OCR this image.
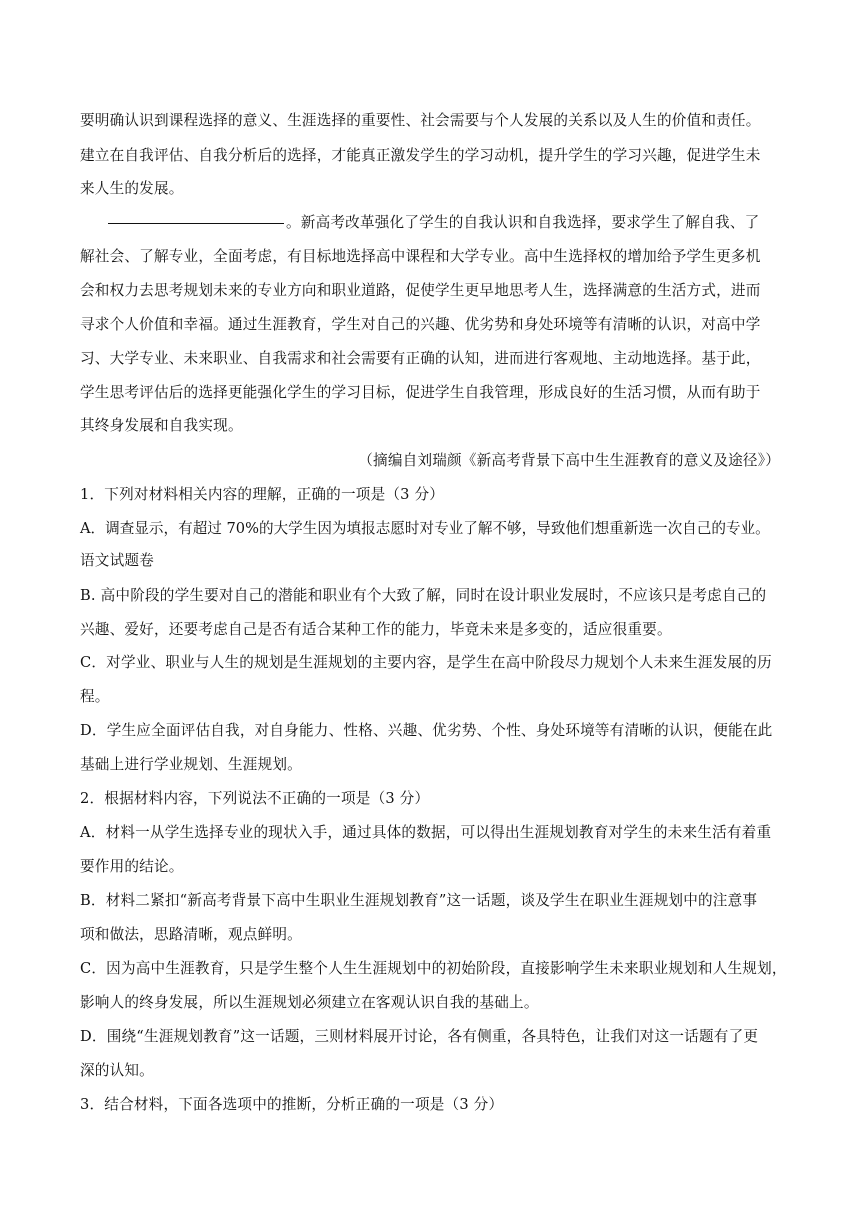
要明确认识到课程选择的意义、生涯选择的重要性、社会需要与个人发展的关系以及人生的价值和责任。
建立在自我评估、自我分析后的选择，才能真正激发学生的学习动机，提升学生的学习兴趣，促进学生未
来人生的发展。
。新高考改革强化了学生的自我认识和自我选择，要求学生了解自我、了
解社会、了解专业，全面考虑，有目标地选择高中课程和大学专业。高中生选择权的增加给予学生更多机
会和权力去思考规划未来的专业方向和职业道路，促使学生更早地思考人生，选择满意的生活方式，进而
寻求个人价值和幸福。通过生涯教育，学生对自己的兴趣、优劣势和身处环境等有清晰的认识，对高中学
习、大学专业、未来职业、自我需求和社会需要有正确的认知，进而进行客观地、主动地选择。基于此，
学生思考评估后的选择更能强化学生的学习目标，促进学生自我管理，形成良好的生活习惯，从而有助于
其终身发展和自我实现。
（摘编自刘瑞颜《新高考背景下高中生生涯教育的意义及途径》）
1．下列对材料相关内容的理解，正确的一项是（3 分）
A．调查显示，有超过 70%的大学生因为填报志愿时对专业了解不够，导致他们想重新选一次自己的专业。
语文试题卷
B. 高中阶段的学生要对自己的潜能和职业有个大致了解，同时在设计职业发展时，不应该只是考虑自己的
兴趣、爱好，还要考虑自己是否有适合某种工作的能力，毕竟未来是多变的，适应很重要。
C．对学业、职业与人生的规划是生涯规划的主要内容，是学生在高中阶段尽力规划个人未来生涯发展的历
程。
D．学生应全面评估自我，对自身能力、性格、兴趣、优劣势、个性、身处环境等有清晰的认识，便能在此
基础上进行学业规划、生涯规划。
2．根据材料内容，下列说法不正确的一项是（3 分）
A．材料一从学生选择专业的现状入手，通过具体的数据，可以得出生涯规划教育对学生的未来生活有着重
要作用的结论。
B．材料二紧扣“新高考背景下高中生职业生涯规划教育”这一话题，谈及学生在职业生涯规划中的注意事
项和做法，思路清晰，观点鲜明。
C．因为高中生涯教育，只是学生整个人生生涯规划中的初始阶段，直接影响学生未来职业规划和人生规划，
影响人的终身发展，所以生涯规划必须建立在客观认识自我的基础上。
D．围绕“生涯规划教育”这一话题，三则材料展开讨论，各有侧重，各具特色，让我们对这一话题有了更
深的认知。
3．结合材料，下面各选项中的推断，分析正确的一项是（3 分）
